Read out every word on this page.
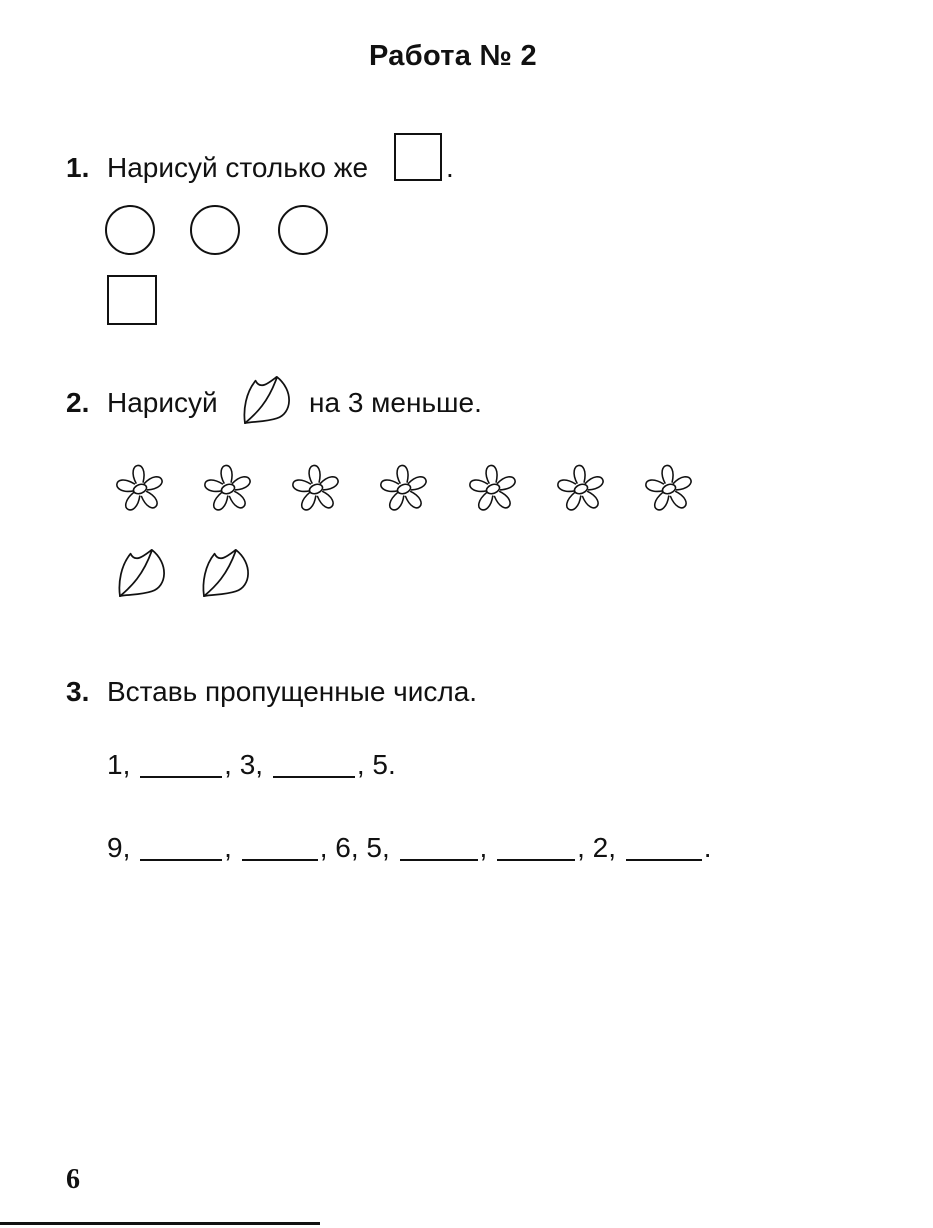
Работа № 2
1. Нарисуй столько же	.
2. Нарисуй	на 3 меньше.
3. Вставь пропущенные числа.
1,	, 3,	, 5.
9,	,	, 6, 5,	,	, 2,	.
6
